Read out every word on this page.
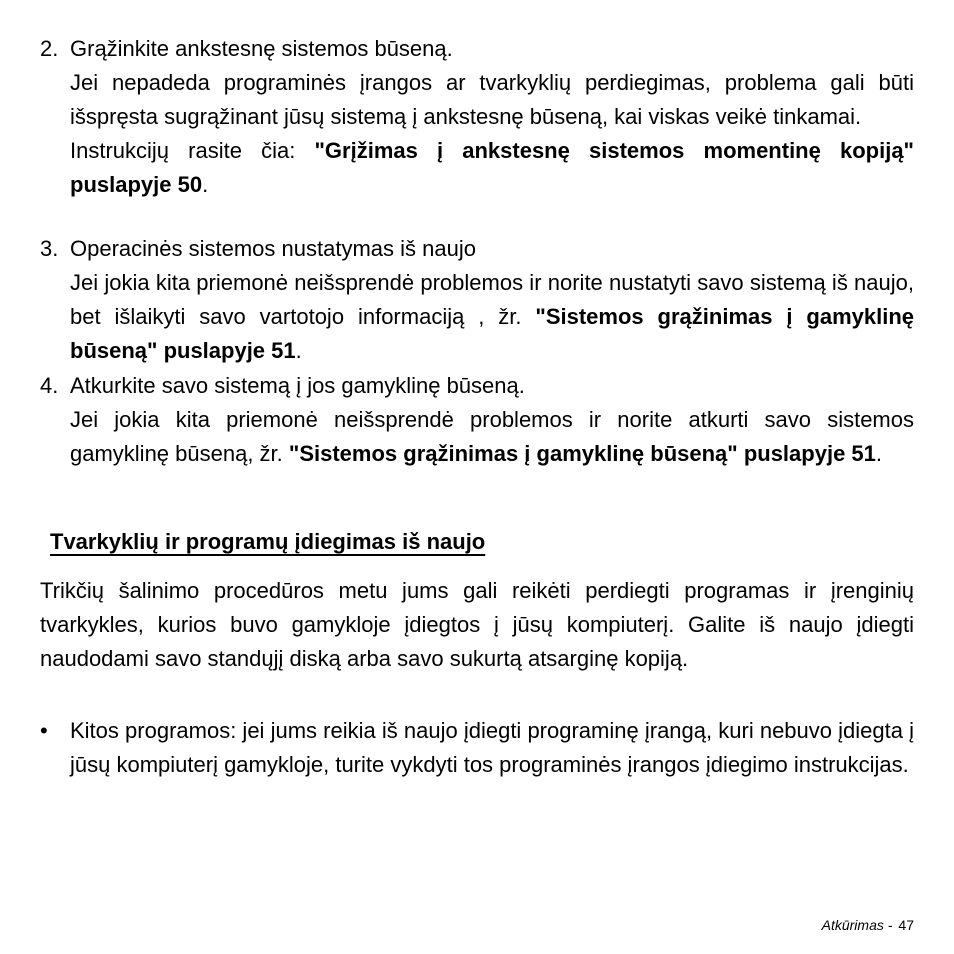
2. Grąžinkite ankstesnę sistemos būseną.

Jei nepadeda programinės įrangos ar tvarkyklių perdiegimas, problema gali būti išspręsta sugrąžinant jūsų sistemą į ankstesnę būseną, kai viskas veikė tinkamai.

Instrukcijų rasite čia: "Grįžimas į ankstesnę sistemos momentinę kopiją" puslapyje 50.

3. Operacinės sistemos nustatymas iš naujo

Jei jokia kita priemonė neišsprendė problemos ir norite nustatyti savo sistemą iš naujo, bet išlaikyti savo vartotojo informaciją , žr. "Sistemos grąžinimas į gamyklinę būseną" puslapyje 51.

4. Atkurkite savo sistemą į jos gamyklinę būseną.

Jei jokia kita priemonė neišsprendė problemos ir norite atkurti savo sistemos gamyklinę būseną, žr. "Sistemos grąžinimas į gamyklinę būseną" puslapyje 51.

Tvarkyklių ir programų įdiegimas iš naujo
Trikčių šalinimo procedūros metu jums gali reikėti perdiegti programas ir įrenginių tvarkykles, kurios buvo gamykloje įdiegtos į jūsų kompiuterį. Galite iš naujo įdiegti naudodami savo standųjį diską arba savo sukurtą atsarginę kopiją.
•	Kitos programos: jei jums reikia iš naujo įdiegti programinę įrangą, kuri nebuvo įdiegta į jūsų kompiuterį gamykloje, turite vykdyti tos programinės įrangos įdiegimo instrukcijas.
Atkūrimas - 47
